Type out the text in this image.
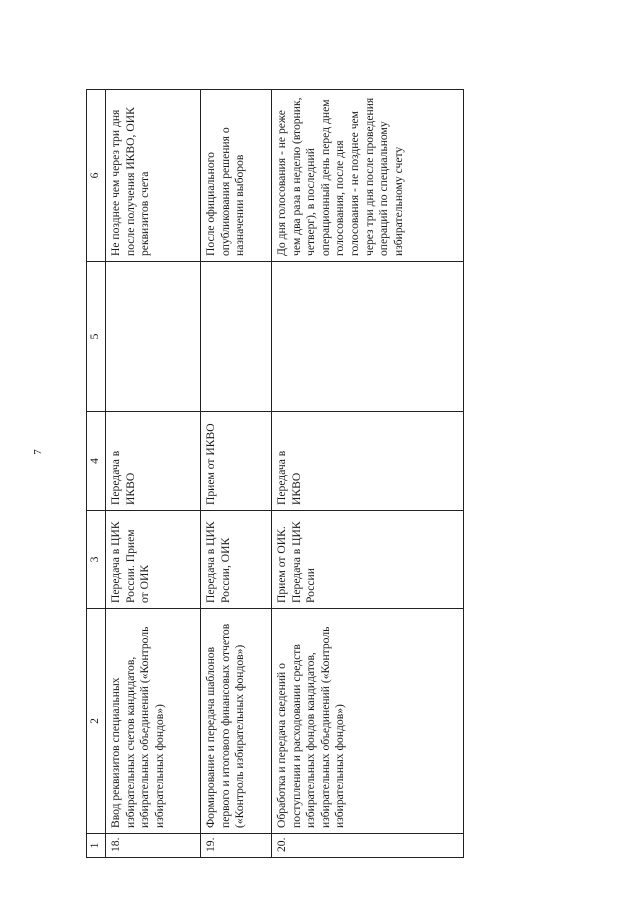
7
1	2	3	4	5	6
18.	Ввод реквизитов специальных избирательных счетов кандидатов, избирательных объединений («Контроль избирательных фондов»)	Передача в ЦИК России. Прием от ОИК	Передача в ИКВО		Не позднее чем через три дня после получения ИКВО, ОИК реквизитов счета
19.	Формирование и передача шаблонов первого и итогового финансовых отчетов («Контроль избирательных фондов»)	Передача в ЦИК России, ОИК	Прием от ИКВО		После официального опубликования решения о назначении выборов
20.	Обработка и передача сведений о поступлении и расходовании средств избирательных фондов кандидатов, избирательных объединений («Контроль избирательных фондов»)	Прием от ОИК. Передача в ЦИК России	Передача в ИКВО		До дня голосования - не реже чем два раза в неделю (вторник, четверг), в последний операционный день перед днем голосования, после дня голосования - не позднее чем через три дня после проведения операций по специальному избирательному счету
